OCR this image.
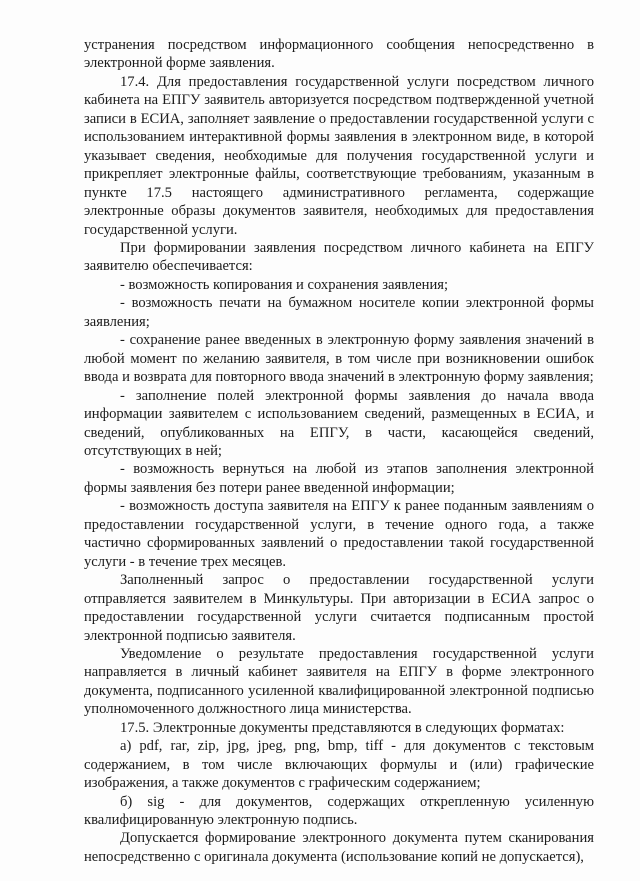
устранения посредством информационного сообщения непосредственно в электронной форме заявления.

17.4. Для предоставления государственной услуги посредством личного кабинета на ЕПГУ заявитель авторизуется посредством подтвержденной учетной записи в ЕСИА, заполняет заявление о предоставлении государственной услуги с использованием интерактивной формы заявления в электронном виде, в которой указывает сведения, необходимые для получения государственной услуги и прикрепляет электронные файлы, соответствующие требованиям, указанным в пункте 17.5 настоящего административного регламента, содержащие электронные образы документов заявителя, необходимых для предоставления государственной услуги.

При формировании заявления посредством личного кабинета на ЕПГУ заявителю обеспечивается:

- возможность копирования и сохранения заявления;

- возможность печати на бумажном носителе копии электронной формы заявления;

- сохранение ранее введенных в электронную форму заявления значений в любой момент по желанию заявителя, в том числе при возникновении ошибок ввода и возврата для повторного ввода значений в электронную форму заявления;

- заполнение полей электронной формы заявления до начала ввода информации заявителем с использованием сведений, размещенных в ЕСИА, и сведений, опубликованных на ЕПГУ, в части, касающейся сведений, отсутствующих в ней;

- возможность вернуться на любой из этапов заполнения электронной формы заявления без потери ранее введенной информации;

- возможность доступа заявителя на ЕПГУ к ранее поданным заявлениям о предоставлении государственной услуги, в течение одного года, а также частично сформированных заявлений о предоставлении такой государственной услуги - в течение трех месяцев.

Заполненный запрос о предоставлении государственной услуги отправляется заявителем в Минкультуры. При авторизации в ЕСИА запрос о предоставлении государственной услуги считается подписанным простой электронной подписью заявителя.

Уведомление о результате предоставления государственной услуги направляется в личный кабинет заявителя на ЕПГУ в форме электронного документа, подписанного усиленной квалифицированной электронной подписью уполномоченного должностного лица министерства.

17.5. Электронные документы представляются в следующих форматах:

а) pdf, rar, zip, jpg, jpeg, png, bmp, tiff - для документов с текстовым содержанием, в том числе включающих формулы и (или) графические изображения, а также документов с графическим содержанием;

б) sig - для документов, содержащих открепленную усиленную квалифицированную электронную подпись.

Допускается формирование электронного документа путем сканирования непосредственно с оригинала документа (использование копий не допускается),
